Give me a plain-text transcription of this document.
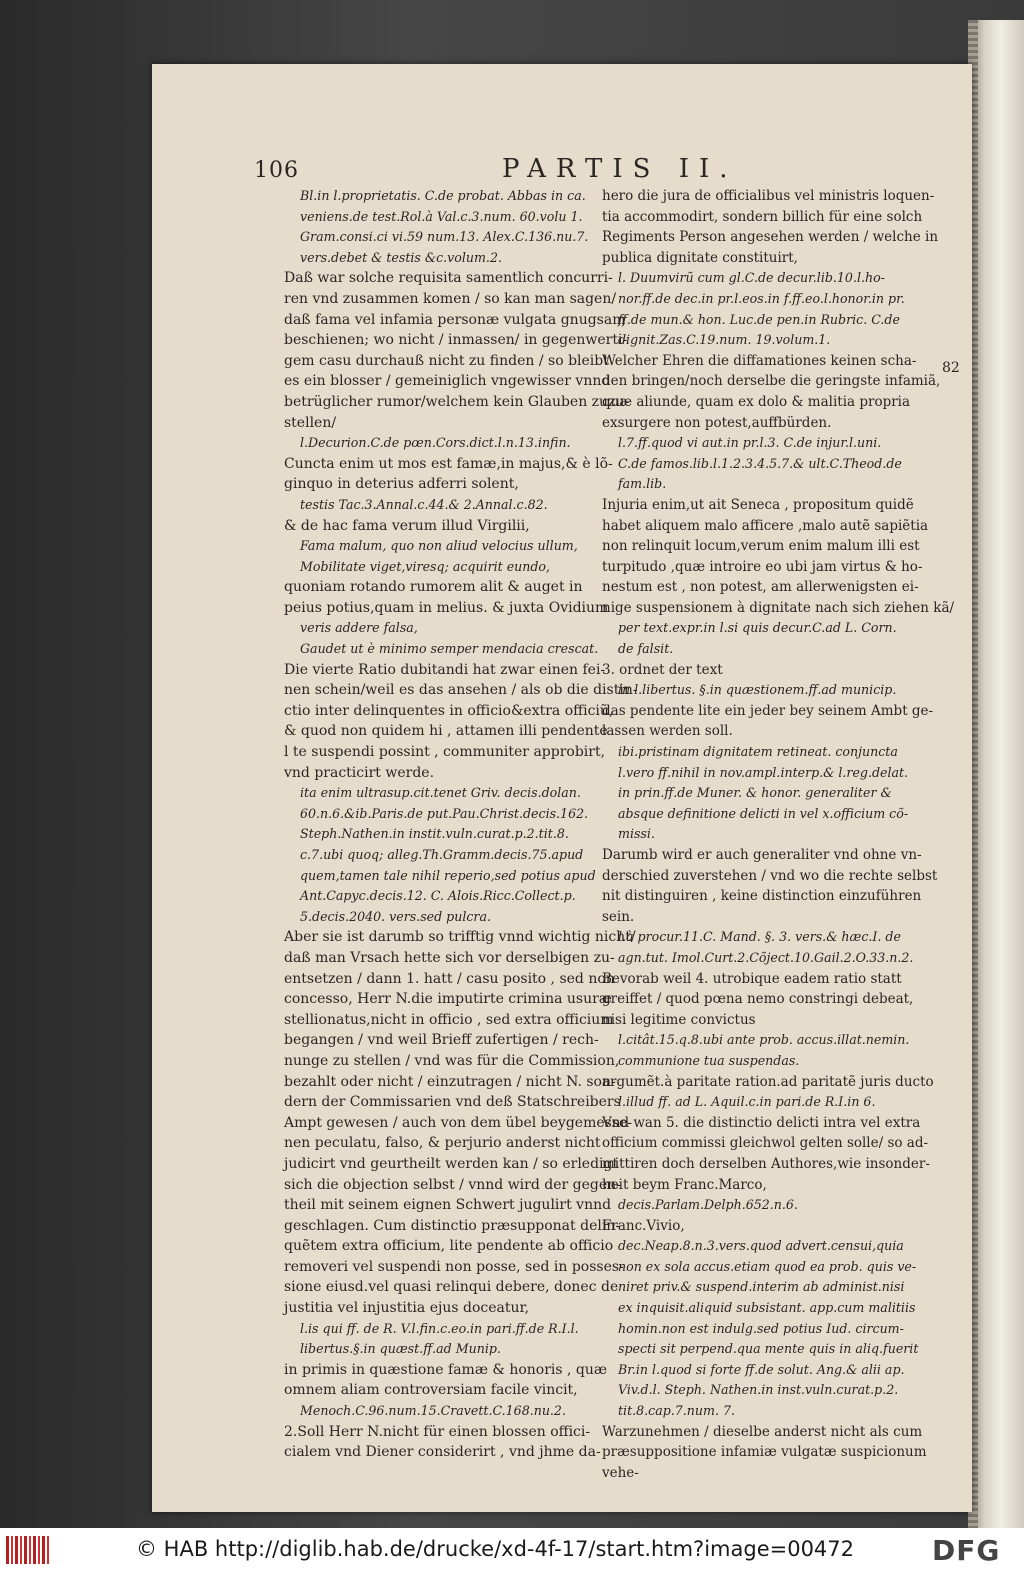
106	PARTIS II.
Bl.in l.proprietatis. C.de probat. Abbas in ca.
veniens.de test.Rol.à Val.c.3.num. 60.volu 1.
Gram.consi.ci vi.59 num.13. Alex.C.136.nu.7.
vers.debet & testis &c.volum.2.
Daß war solche requisita samentlich concurri-
ren vnd zusammen komen / so kan man sagen/
daß fama vel infamia personæ vulgata gnugsam
beschienen; wo nicht / inmassen/ in gegenwerti-
gem casu durchauß nicht zu finden / so bleibt
es ein blosser / gemeiniglich vngewisser vnnd
betrüglicher rumor/welchem kein Glauben zuzu-
stellen/
l.Decurion.C.de pœn.Cors.dict.l.n.13.infin.
Cuncta enim ut mos est famæ,in majus,& è lõ-
ginquo in deterius adferri solent,
testis Tac.3.Annal.c.44.& 2.Annal.c.82.
& de hac fama verum illud Virgilii,
Fama malum, quo non aliud velocius ullum,
Mobilitate viget,viresq; acquirit eundo,
quoniam rotando rumorem alit & auget in
peius potius,quam in melius. & juxta Ovidium
veris addere falsa,
Gaudet ut è minimo semper mendacia crescat.
Die vierte Ratio dubitandi hat zwar einen fei-
nen schein/weil es das ansehen / als ob die distin-
ctio inter delinquentes in officio&extra officiũ,
& quod non quidem hi , attamen illi pendente
l te suspendi possint , communiter approbirt,
vnd practicirt werde.
ita enim ultrasup.cit.tenet Griv. decis.dolan.
60.n.6.&ib.Paris.de put.Pau.Christ.decis.162.
Steph.Nathen.in instit.vuln.curat.p.2.tit.8.
c.7.ubi quoq; alleg.Th.Gramm.decis.75.apud
quem,tamen tale nihil reperio,sed potius apud
Ant.Capyc.decis.12. C. Alois.Ricc.Collect.p.
5.decis.2040. vers.sed pulcra.
Aber sie ist darumb so trifftig vnnd wichtig nicht/
daß man Vrsach hette sich vor derselbigen zu-
entsetzen / dann 1. hatt / casu posito , sed non
concesso, Herr N.die imputirte crimina usuræ
stellionatus,nicht in officio , sed extra officium
begangen / vnd weil Brieff zufertigen / rech-
nunge zu stellen / vnd was für die Commission,
bezahlt oder nicht / einzutragen / nicht N. son-
dern der Commissarien vnd deß Statschreibers
Ampt gewesen / auch von dem übel beygemesse-
nen peculatu, falso, & perjurio anderst nicht
judicirt vnd geurtheilt werden kan / so erledigt
sich die objection selbst / vnnd wird der gegen-
theil mit seinem eignen Schwert jugulirt vnnd
geschlagen. Cum distinctio præsupponat delin-
quẽtem extra officium, lite pendente ab officio
removeri vel suspendi non posse, sed in posses-
sione eiusd.vel quasi relinqui debere, donec de
justitia vel injustitia ejus doceatur,
l.is qui ff. de R. V.l.fin.c.eo.in pari.ff.de R.I.l.
libertus.§.in quæst.ff.ad Munip.
in primis in quæstione famæ & honoris , quæ
omnem aliam controversiam facile vincit,
Menoch.C.96.num.15.Cravett.C.168.nu.2.
2.Soll Herr N.nicht für einen blossen offici-
cialem vnd Diener considerirt , vnd jhme da-
hero die jura de officialibus vel ministris loquen-
tia accommodirt, sondern billich für eine solch
Regiments Person angesehen werden / welche in
publica dignitate constituirt,
l. Duumvirũ cum gl.C.de decur.lib.10.l.ho-
nor.ff.de dec.in pr.l.eos.in f.ff.eo.l.honor.in pr.
ff.de mun.& hon. Luc.de pen.in Rubric. C.de
dignit.Zas.C.19.num. 19.volum.1.
Welcher Ehren die diffamationes keinen scha-
den bringen/noch derselbe die geringste infamiã,
quæ aliunde, quam ex dolo & malitia propria
exsurgere non potest,auffbürden.
l.7.ff.quod vi aut.in pr.l.3. C.de injur.l.uni.
C.de famos.lib.l.1.2.3.4.5.7.& ult.C.Theod.de
fam.lib.
Injuria enim,ut ait Seneca , propositum quidẽ
habet aliquem malo afficere ,malo autẽ sapiẽtia
non relinquit locum,verum enim malum illi est
turpitudo ,quæ introire eo ubi jam virtus & ho-
nestum est , non potest, am allerwenigsten ei-
nige suspensionem à dignitate nach sich ziehen kã/
per text.expr.in l.si quis decur.C.ad L. Corn.
de falsit.
3. ordnet der text
in l.libertus. §.in quæstionem.ff.ad municip.
das pendente lite ein jeder bey seinem Ambt ge-
lassen werden soll.
ibi.pristinam dignitatem retineat. conjuncta
l.vero ff.nihil in nov.ampl.interp.& l.reg.delat.
in prin.ff.de Muner. & honor. generaliter &
absque definitione delicti in vel x.officium cõ-
missi.
Darumb wird er auch generaliter vnd ohne vn-
derschied zuverstehen / vnd wo die rechte selbst
nit distinguiren , keine distinction einzuführen
sein.
l.à procur.11.C. Mand. §. 3. vers.& hæc.I. de
agn.tut. Imol.Curt.2.Cõject.10.Gail.2.O.33.n.2.
Bevorab weil 4. utrobique eadem ratio statt
greiffet / quod pœna nemo constringi debeat,
nisi legitime convictus
l.citât.15.q.8.ubi ante prob. accus.illat.nemin.
communione tua suspendas.
argumẽt.à paritate ration.ad paritatẽ juris ducto
l.illud ff. ad L. Aquil.c.in pari.de R.I.in 6.
Vnd wan 5. die distinctio delicti intra vel extra
officium commissi gleichwol gelten solle/ so ad-
mittiren doch derselben Authores,wie insonder-
heit beym Franc.Marco,
decis.Parlam.Delph.652.n.6.
Franc.Vivio,
dec.Neap.8.n.3.vers.quod advert.censui,quia
non ex sola accus.etiam quod ea prob. quis ve-
niret priv.& suspend.interim ab administ.nisi
ex inquisit.aliquid subsistant. app.cum malitiis
homin.non est indulg.sed potius Iud. circum-
specti sit perpend.qua mente quis in aliq.fuerit
Br.in l.quod si forte ff.de solut. Ang.& alii ap.
Viv.d.l. Steph. Nathen.in inst.vuln.curat.p.2.
tit.8.cap.7.num. 7.
Warzunehmen / dieselbe anderst nicht als cum
præsuppositione infamiæ vulgatæ suspicionum
vehe-
82
© HAB http://diglib.hab.de/drucke/xd-4f-17/start.htm?image=00472	DFG
